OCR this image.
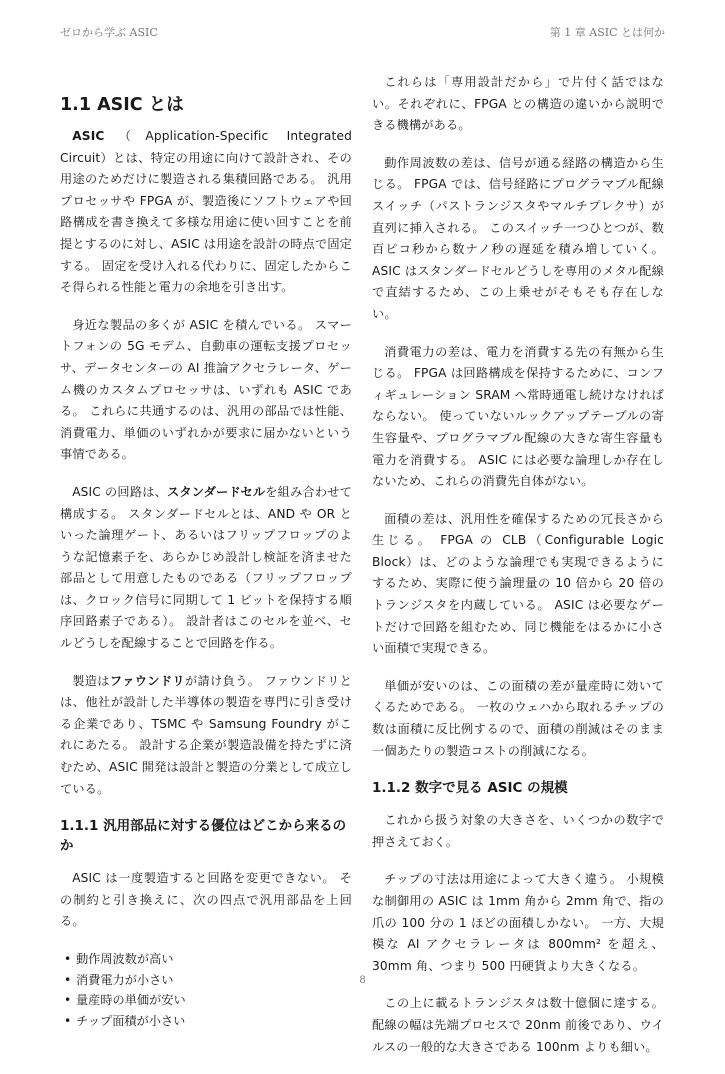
ゼロから学ぶ ASIC	第 1 章 ASIC とは何か
1.1 ASIC とは

ASIC（Application-Specific Integrated Circuit）とは、特定の用途に向けて設計され、その用途のためだけに製造される集積回路である。 汎用プロセッサや FPGA が、製造後にソフトウェアや回路構成を書き換えて多様な用途に使い回すことを前提とするのに対し、ASIC は用途を設計の時点で固定する。 固定を受け入れる代わりに、固定したからこそ得られる性能と電力の余地を引き出す。

身近な製品の多くが ASIC を積んでいる。 スマートフォンの 5G モデム、自動車の運転支援プロセッサ、データセンターの AI 推論アクセラレータ、ゲーム機のカスタムプロセッサは、いずれも ASIC である。 これらに共通するのは、汎用の部品では性能、消費電力、単価のいずれかが要求に届かないという事情である。

ASIC の回路は、スタンダードセルを組み合わせて構成する。 スタンダードセルとは、AND や OR といった論理ゲート、あるいはフリップフロップのような記憶素子を、あらかじめ設計し検証を済ませた部品として用意したものである（フリップフロップは、クロック信号に同期して 1 ビットを保持する順序回路素子である）。 設計者はこのセルを並べ、セルどうしを配線することで回路を作る。

製造はファウンドリが請け負う。 ファウンドリとは、他社が設計した半導体の製造を専門に引き受ける企業であり、TSMC や Samsung Foundry がこれにあたる。 設計する企業が製造設備を持たずに済むため、ASIC 開発は設計と製造の分業として成立している。

1.1.1 汎用部品に対する優位はどこから来るのか

ASIC は一度製造すると回路を変更できない。 その制約と引き換えに、次の四点で汎用部品を上回る。

• 動作周波数が高い
• 消費電力が小さい
• 量産時の単価が安い
• チップ面積が小さい

これらは「専用設計だから」で片付く話ではない。それぞれに、FPGA との構造の違いから説明できる機構がある。

動作周波数の差は、信号が通る経路の構造から生じる。 FPGA では、信号経路にプログラマブル配線スイッチ（パストランジスタやマルチプレクサ）が直列に挿入される。 このスイッチ一つひとつが、数百ピコ秒から数ナノ秒の遅延を積み増していく。 ASIC はスタンダードセルどうしを専用のメタル配線で直結するため、この上乗せがそもそも存在しない。

消費電力の差は、電力を消費する先の有無から生じる。 FPGA は回路構成を保持するために、コンフィギュレーション SRAM へ常時通電し続けなければならない。 使っていないルックアップテーブルの寄生容量や、プログラマブル配線の大きな寄生容量も電力を消費する。 ASIC には必要な論理しか存在しないため、これらの消費先自体がない。

面積の差は、汎用性を確保するための冗長さから生じる。 FPGA の CLB（Configurable Logic Block）は、どのような論理でも実現できるようにするため、実際に使う論理量の 10 倍から 20 倍のトランジスタを内蔵している。 ASIC は必要なゲートだけで回路を組むため、同じ機能をはるかに小さい面積で実現できる。

単価が安いのは、この面積の差が量産時に効いてくるためである。 一枚のウェハから取れるチップの数は面積に反比例するので、面積の削減はそのまま一個あたりの製造コストの削減になる。

1.1.2 数字で見る ASIC の規模

これから扱う対象の大きさを、いくつかの数字で押さえておく。

チップの寸法は用途によって大きく違う。 小規模な制御用の ASIC は 1mm 角から 2mm 角で、指の爪の 100 分の 1 ほどの面積しかない。 一方、大規模な AI アクセラレータは 800mm² を超え、30mm 角、つまり 500 円硬貨より大きくなる。

この上に載るトランジスタは数十億個に達する。配線の幅は先端プロセスで 20nm 前後であり、ウイルスの一般的な大きさである 100nm よりも細い。

8
